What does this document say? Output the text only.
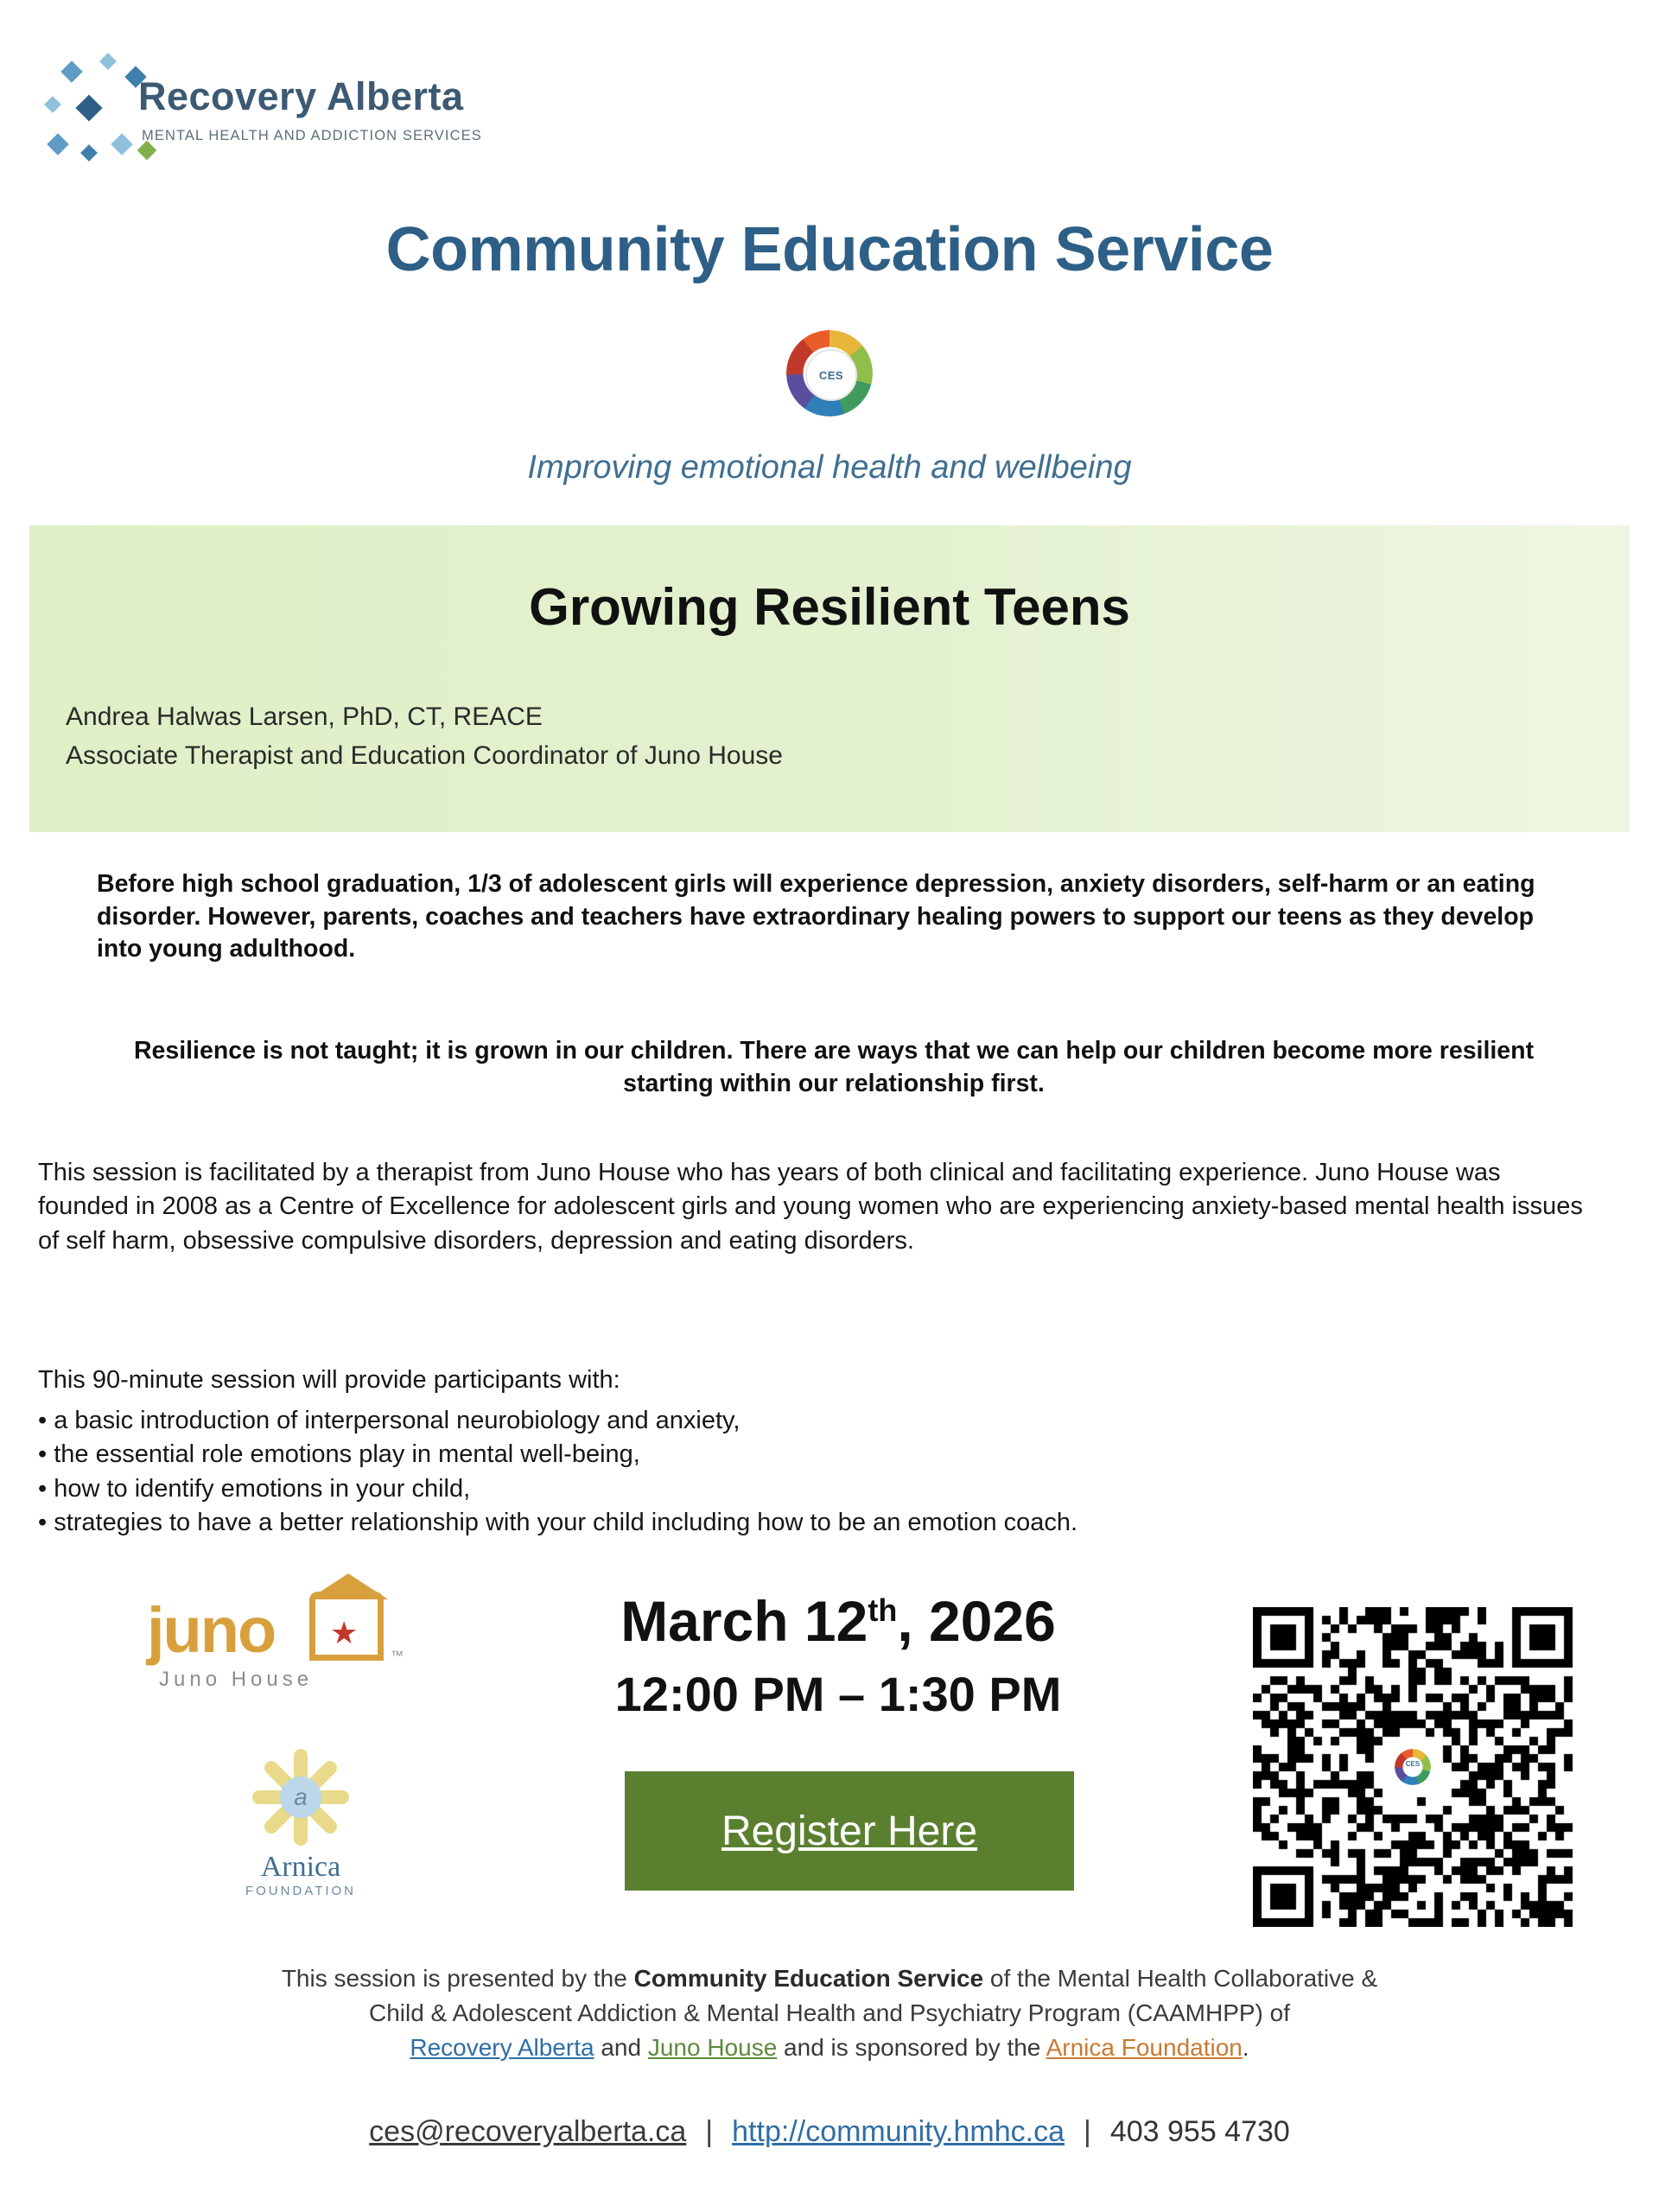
Recovery Alberta
MENTAL HEALTH AND ADDICTION SERVICES
Community Education Service
CES
Improving emotional health and wellbeing
Growing Resilient Teens
Andrea Halwas Larsen, PhD, CT, REACE
Associate Therapist and Education Coordinator of Juno House
Before high school graduation, 1/3 of adolescent girls will experience depression, anxiety disorders, self-harm or an eating disorder. However, parents, coaches and teachers have extraordinary healing powers to support our teens as they develop into young adulthood.
Resilience is not taught; it is grown in our children. There are ways that we can help our children become more resilient starting within our relationship first.
This session is facilitated by a therapist from Juno House who has years of both clinical and facilitating experience. Juno House was founded in 2008 as a Centre of Excellence for adolescent girls and young women who are experiencing anxiety-based mental health issues of self harm, obsessive compulsive disorders, depression and eating disorders.
This 90-minute session will provide participants with:
• a basic introduction of interpersonal neurobiology and anxiety,
• the essential role emotions play in mental well-being,
• how to identify emotions in your child,
• strategies to have a better relationship with your child including how to be an emotion coach.
juno ★
™
Juno House
a
Arnica
FOUNDATION
March 12th, 2026
12:00 PM – 1:30 PM
Register Here
CES
This session is presented by the Community Education Service of the Mental Health Collaborative &
Child & Adolescent Addiction & Mental Health and Psychiatry Program (CAAMHPP) of
Recovery Alberta and Juno House and is sponsored by the Arnica Foundation.
ces@recoveryalberta.ca | http://community.hmhc.ca | 403 955 4730
